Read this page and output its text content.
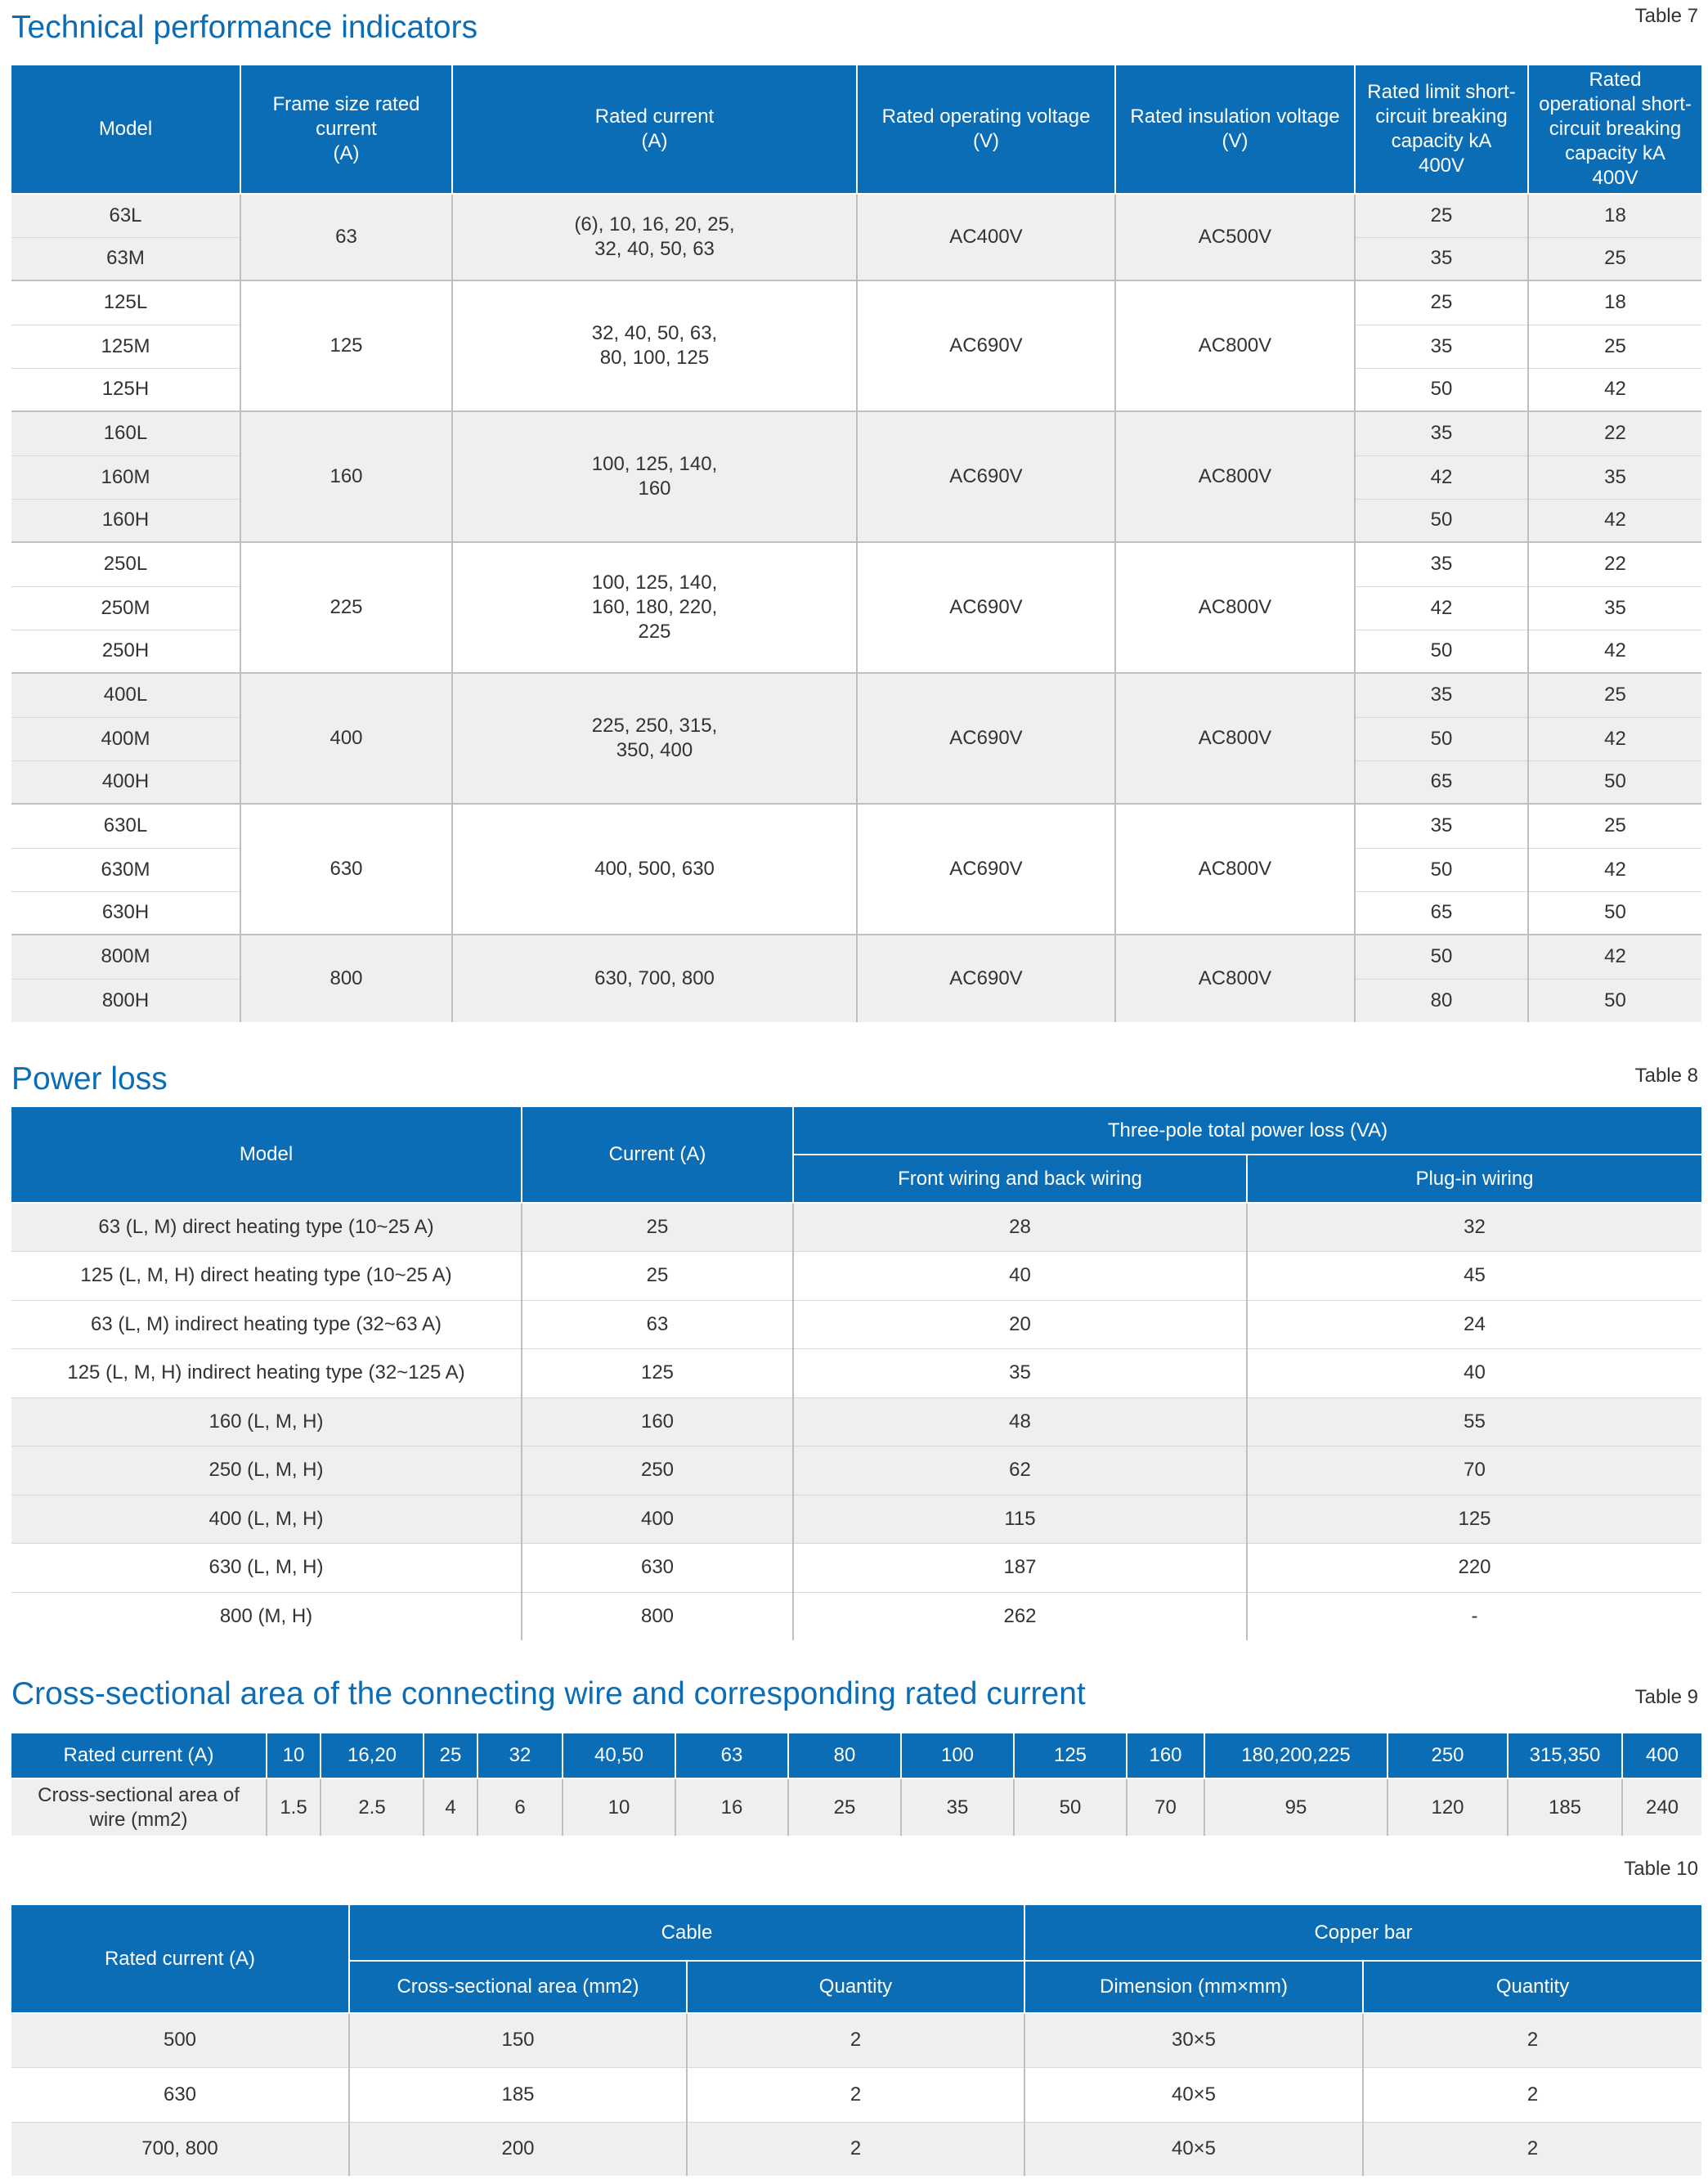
Technical performance indicators	Table 7
Model	Frame size rated
current
(A)	Rated current
(A)	Rated operating voltage
(V)	Rated insulation voltage
(V)	Rated limit short-
circuit breaking
capacity kA
400V	Rated
operational short-
circuit breaking
capacity kA
400V
63L	63	(6), 10, 16, 20, 25,
32, 40, 50, 63	AC400V	AC500V	25	18
63M					35	25
125L	125	32, 40, 50, 63,
80, 100, 125	AC690V	AC800V	25	18
125M					35	25
125H					50	42
160L	160	100, 125, 140,
160	AC690V	AC800V	35	22
160M					42	35
160H					50	42
250L	225	100, 125, 140,
160, 180, 220,
225	AC690V	AC800V	35	22
250M					42	35
250H					50	42
400L	400	225, 250, 315,
350, 400	AC690V	AC800V	35	25
400M					50	42
400H					65	50
630L	630	400, 500, 630	AC690V	AC800V	35	25
630M					50	42
630H					65	50
800M	800	630, 700, 800	AC690V	AC800V	50	42
800H					80	50
Power loss	Table 8
Model	Current (A)	Three-pole total power loss (VA)	
		Front wiring and back wiring	Plug-in wiring
63 (L, M) direct heating type (10~25 A)	25	28	32
125 (L, M, H) direct heating type (10~25 A)	25	40	45
63 (L, M) indirect heating type (32~63 A)	63	20	24
125 (L, M, H) indirect heating type (32~125 A)	125	35	40
160 (L, M, H)	160	48	55
250 (L, M, H)	250	62	70
400 (L, M, H)	400	115	125
630 (L, M, H)	630	187	220
800 (M, H)	800	262	-
Cross-sectional area of the connecting wire and corresponding rated current	Table 9
Rated current (A)	10	16,20	25	32	40,50	63	80	100	125	160	180,200,225	250	315,350	400
Cross-sectional area of
wire (mm2)	1.5	2.5	4	6	10	16	25	35	50	70	95	120	185	240
Table 10
Rated current (A)	Cable		Copper bar	
	Cross-sectional area (mm2)	Quantity	Dimension (mm×mm)	Quantity
500	150	2	30×5	2
630	185	2	40×5	2
700, 800	200	2	40×5	2
